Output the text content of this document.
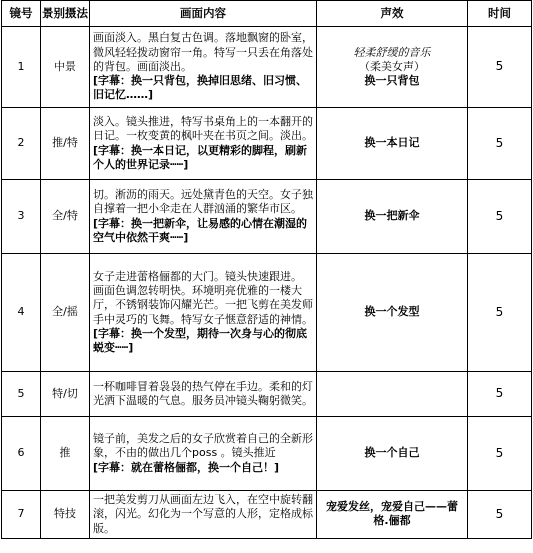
镜号	景别摄法	画面内容	声效	时间
1	中景	画面淡入。黑白复古色调。落地飘窗的卧室，微风轻轻拨动窗帘一角。特写一只丢在角落处的背包。画面淡出。
[字幕：换一只背包，换掉旧思绪、旧习惯、旧记忆……]	轻柔舒缓的音乐
（柔美女声）
换一只背包	5
2	推/特	淡入。镜头推进，特写书桌角上的一本翻开的日记。一枚变黄的枫叶夹在书页之间。淡出。
[字幕：换一本日记，以更精彩的脚程，刷新个人的世界记录┅┅]	换一本日记	5
3	全/特	切。淅沥的雨天。远处黛青色的天空。女子独自撑着一把小伞走在人群汹涌的繁华市区。
[字幕：换一把新伞，让易感的心情在潮湿的空气中依然干爽┅┅]	换一把新伞	5
4	全/摇	女子走进蕾格俪都的大门。镜头快速跟进。
画面色调忽转明快。环境明亮优雅的一楼大厅，不锈钢装饰闪耀光芒。一把飞剪在美发师手中灵巧的飞舞。特写女子惬意舒适的神情。
[字幕：换一个发型，期待一次身与心的彻底蜕变┅┅]	换一个发型	5
5	特/切	一杯咖啡冒着袅袅的热气停在手边。柔和的灯光洒下温暖的气息。服务员冲镜头鞠躬微笑。		5
6	推	镜子前，美发之后的女子欣赏着自己的全新形象，不由的做出几个poss 。镜头推近
[字幕：就在蕾格俪都，换一个自己！]	换一个自己	5
7	特技	一把美发剪刀从画面左边飞入，在空中旋转翻滚，闪光。幻化为一个写意的人形，定格成标版。	宠爱发丝，宠爱自己——蕾格.俪都	5
